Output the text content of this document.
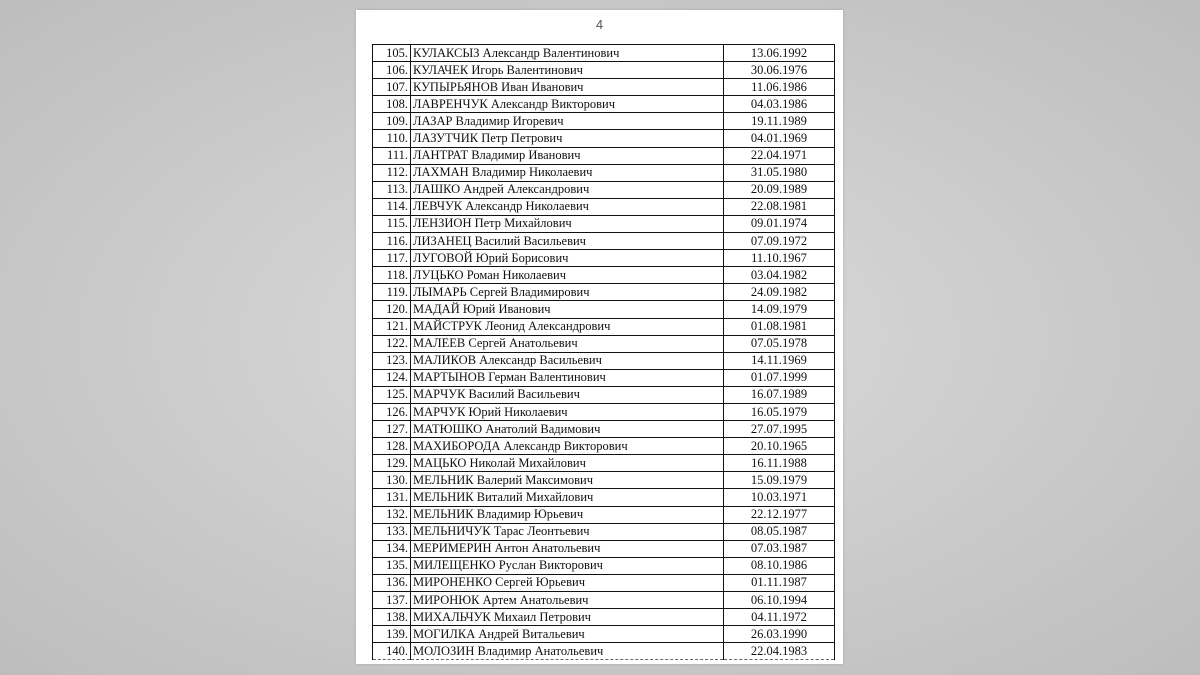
4
105.	КУЛАКСЫЗ Александр Валентинович	13.06.1992
106.	КУЛАЧЕК Игорь Валентинович	30.06.1976
107.	КУПЫРЬЯНОВ Иван Иванович	11.06.1986
108.	ЛАВРЕНЧУК Александр Викторович	04.03.1986
109.	ЛАЗАР Владимир Игоревич	19.11.1989
110.	ЛАЗУТЧИК Петр Петрович	04.01.1969
111.	ЛАНТРАТ Владимир Иванович	22.04.1971
112.	ЛАХМАН Владимир Николаевич	31.05.1980
113.	ЛАШКО Андрей Александрович	20.09.1989
114.	ЛЕВЧУК Александр Николаевич	22.08.1981
115.	ЛЕНЗИОН Петр Михайлович	09.01.1974
116.	ЛИЗАНЕЦ Василий Васильевич	07.09.1972
117.	ЛУГОВОЙ Юрий Борисович	11.10.1967
118.	ЛУЦЬКО Роман Николаевич	03.04.1982
119.	ЛЫМАРЬ Сергей Владимирович	24.09.1982
120.	МАДАЙ Юрий Иванович	14.09.1979
121.	МАЙСТРУК Леонид Александрович	01.08.1981
122.	МАЛЕЕВ Сергей Анатольевич	07.05.1978
123.	МАЛИКОВ Александр Васильевич	14.11.1969
124.	МАРТЫНОВ Герман Валентинович	01.07.1999
125.	МАРЧУК Василий Васильевич	16.07.1989
126.	МАРЧУК Юрий Николаевич	16.05.1979
127.	МАТЮШКО Анатолий Вадимович	27.07.1995
128.	МАХИБОРОДА Александр Викторович	20.10.1965
129.	МАЦЬКО Николай Михайлович	16.11.1988
130.	МЕЛЬНИК Валерий Максимович	15.09.1979
131.	МЕЛЬНИК Виталий Михайлович	10.03.1971
132.	МЕЛЬНИК Владимир Юрьевич	22.12.1977
133.	МЕЛЬНИЧУК Тарас Леонтьевич	08.05.1987
134.	МЕРИМЕРИН Антон Анатольевич	07.03.1987
135.	МИЛЕЩЕНКО Руслан Викторович	08.10.1986
136.	МИРОНЕНКО Сергей Юрьевич	01.11.1987
137.	МИРОНЮК Артем Анатольевич	06.10.1994
138.	МИХАЛЬЧУК Михаил Петрович	04.11.1972
139.	МОГИЛКА Андрей Витальевич	26.03.1990
140.	МОЛОЗИН Владимир Анатольевич	22.04.1983
